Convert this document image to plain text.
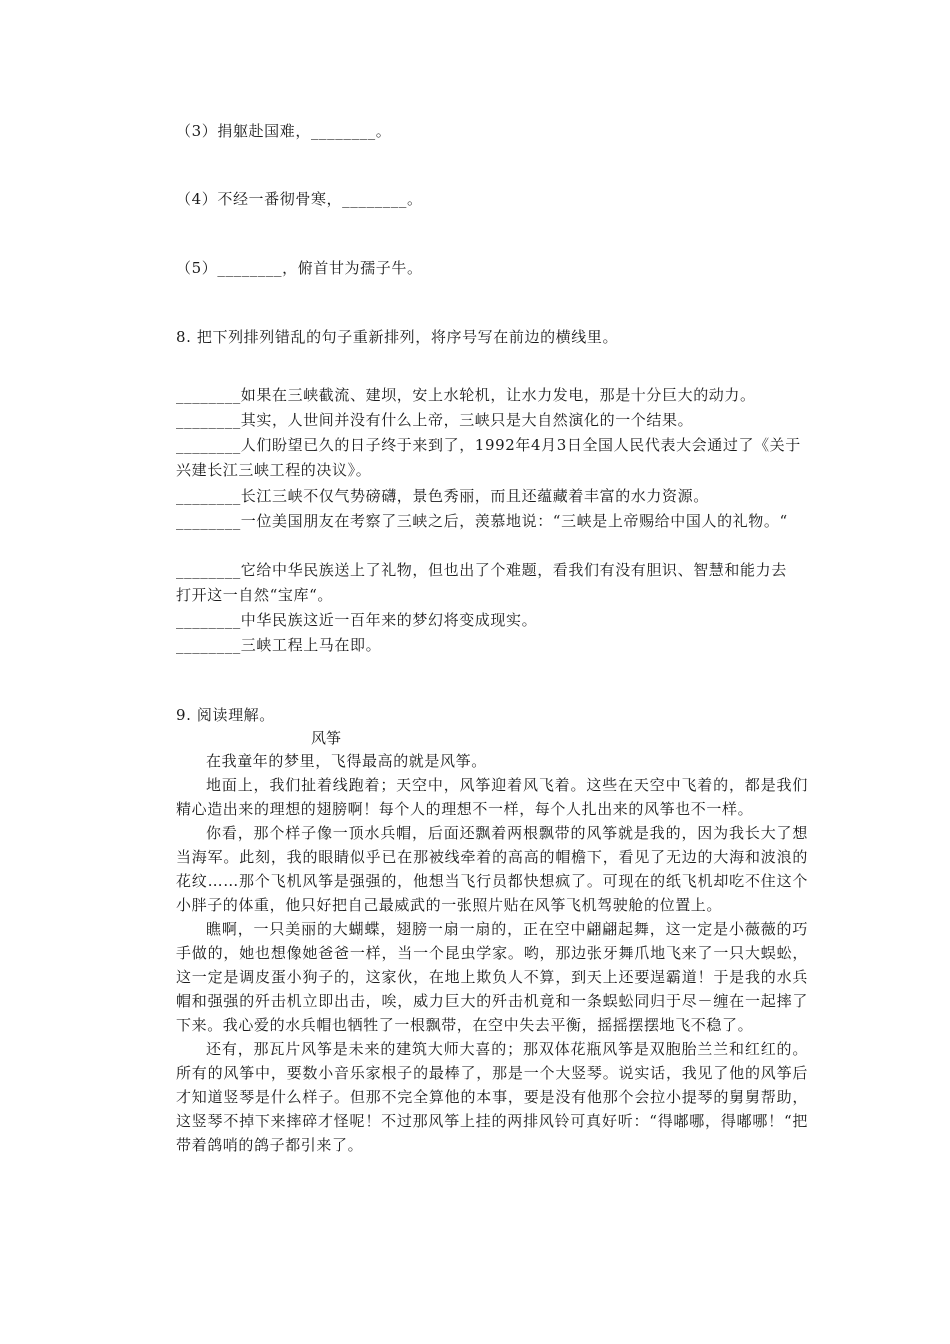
（3）捐躯赴国难，________。
（4）不经一番彻骨寒，________。
（5）________，俯首甘为孺子牛。
8. 把下列排列错乱的句子重新排列，将序号写在前边的横线里。
________如果在三峡截流、建坝，安上水轮机，让水力发电，那是十分巨大的动力。
________其实，人世间并没有什么上帝，三峡只是大自然演化的一个结果。
________人们盼望已久的日子终于来到了，1992年4月3日全国人民代表大会通过了《关于兴建长江三峡工程的决议》。
________长江三峡不仅气势磅礴，景色秀丽，而且还蕴藏着丰富的水力资源。
________一位美国朋友在考察了三峡之后，羡慕地说：“三峡是上帝赐给中国人的礼物。“
________它给中华民族送上了礼物，但也出了个难题，看我们有没有胆识、智慧和能力去打开这一自然“宝库“。
________中华民族这近一百年来的梦幻将变成现实。
________三峡工程上马在即。
9. 阅读理解。
风筝

在我童年的梦里，飞得最高的就是风筝。

地面上，我们扯着线跑着；天空中，风筝迎着风飞着。这些在天空中飞着的，都是我们精心造出来的理想的翅膀啊！每个人的理想不一样，每个人扎出来的风筝也不一样。

你看，那个样子像一顶水兵帽，后面还飘着两根飘带的风筝就是我的，因为我长大了想当海军。此刻，我的眼睛似乎已在那被线牵着的高高的帽檐下，看见了无边的大海和波浪的花纹……那个飞机风筝是强强的，他想当飞行员都快想疯了。可现在的纸飞机却吃不住这个小胖子的体重，他只好把自己最威武的一张照片贴在风筝飞机驾驶舱的位置上。

瞧啊，一只美丽的大蝴蝶，翅膀一扇一扇的，正在空中翩翩起舞，这一定是小薇薇的巧手做的，她也想像她爸爸一样，当一个昆虫学家。哟，那边张牙舞爪地飞来了一只大蜈蚣，这一定是调皮蛋小狗子的，这家伙，在地上欺负人不算，到天上还要逞霸道！于是我的水兵帽和强强的歼击机立即出击，唉，威力巨大的歼击机竟和一条蜈蚣同归于尽－缠在一起摔了下来。我心爱的水兵帽也牺牲了一根飘带，在空中失去平衡，摇摇摆摆地飞不稳了。

还有，那瓦片风筝是未来的建筑大师大喜的；那双体花瓶风筝是双胞胎兰兰和红红的。所有的风筝中，要数小音乐家根子的最棒了，那是一个大竖琴。说实话，我见了他的风筝后才知道竖琴是什么样子。但那不完全算他的本事，要是没有他那个会拉小提琴的舅舅帮助，这竖琴不掉下来摔碎才怪呢！不过那风筝上挂的两排风铃可真好听：“得嘟哪，得嘟哪！“把带着鸽哨的鸽子都引来了。
